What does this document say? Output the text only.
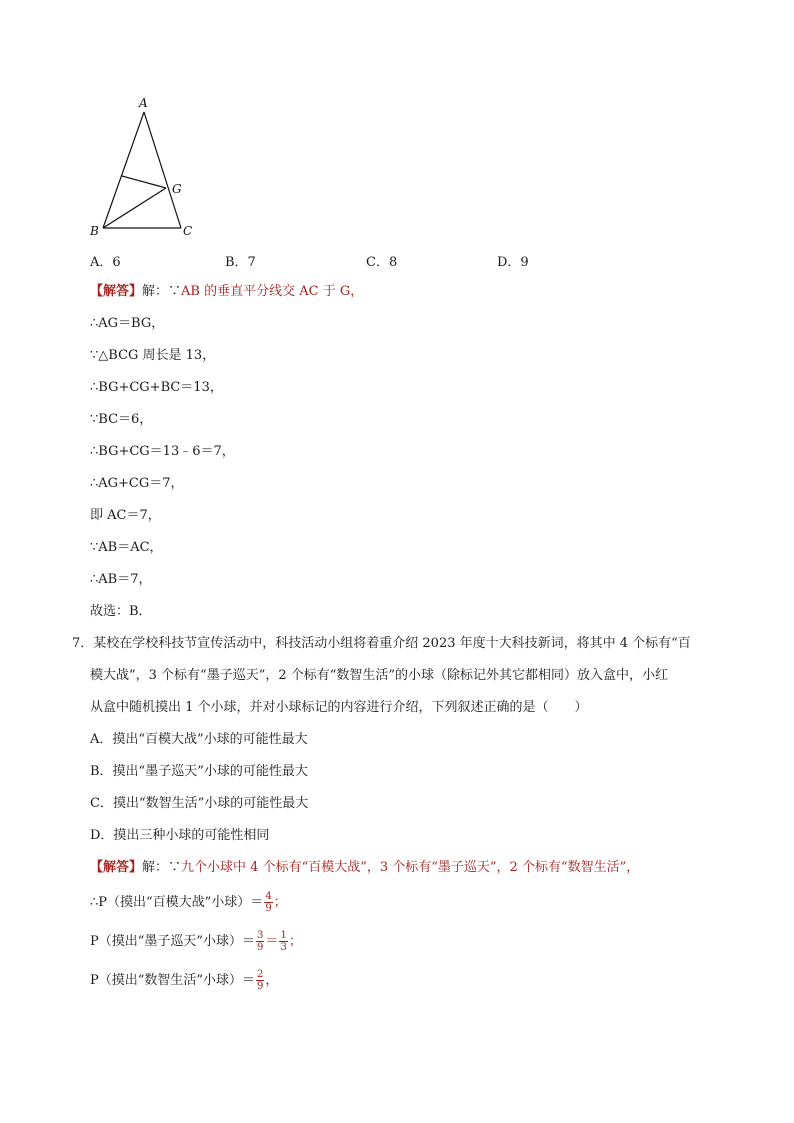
A
B	C
G
A．6	B．7	C．8	D．9
【解答】解：∵AB 的垂直平分线交 AC 于 G，
∴AG＝BG，
∵△BCG 周长是 13，
∴BG+CG+BC＝13，
∵BC＝6，
∴BG+CG＝13﹣6＝7，
∴AG+CG＝7，
即 AC＝7，
∵AB＝AC，
∴AB＝7，
故选：B．
7．某校在学校科技节宣传活动中，科技活动小组将着重介绍 2023 年度十大科技新词，将其中 4 个标有“百
模大战”，3 个标有“墨子巡天”，2 个标有“数智生活”的小球（除标记外其它都相同）放入盒中，小红
从盒中随机摸出 1 个小球，并对小球标记的内容进行介绍，下列叙述正确的是（　　）
A．摸出“百模大战”小球的可能性最大
B．摸出“墨子巡天”小球的可能性最大
C．摸出“数智生活”小球的可能性最大
D．摸出三种小球的可能性相同
【解答】解：∵九个小球中 4 个标有“百模大战”，3 个标有“墨子巡天”，2 个标有“数智生活”，
∴P（摸出“百模大战”小球）＝ $\frac{4}{9}$ ；
P（摸出“墨子巡天”小球）＝ $\frac{3}{9} = \frac{1}{3}$ ；
P（摸出“数智生活”小球）＝ $\frac{2}{9}$ ，
